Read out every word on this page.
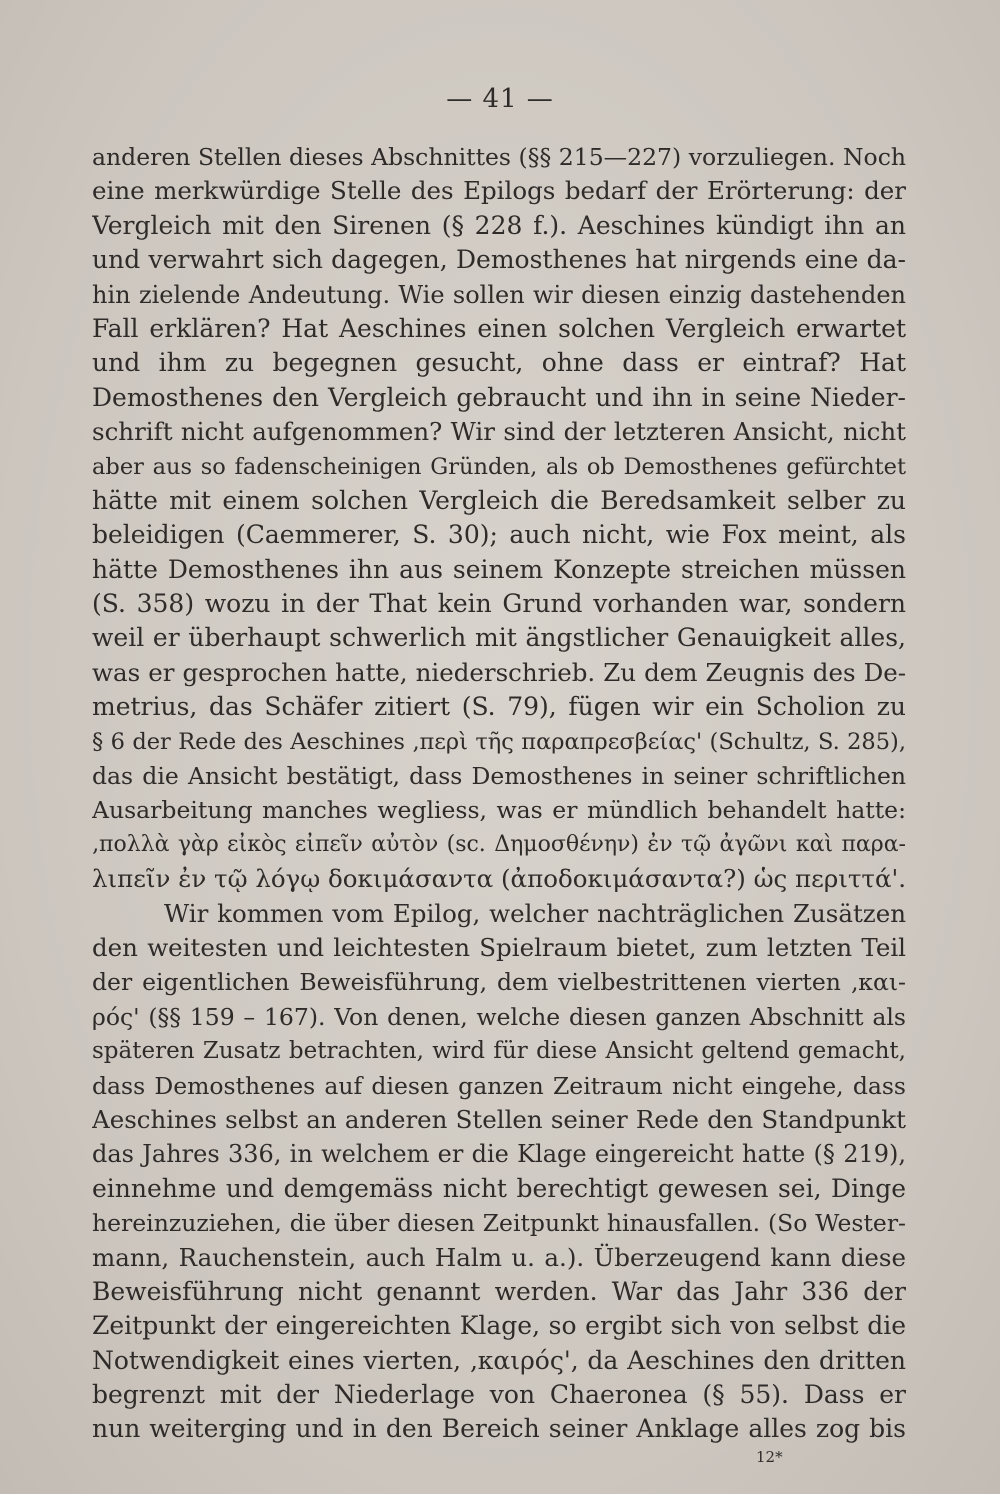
— 41 —
anderen Stellen dieses Abschnittes (§§ 215—227) vorzuliegen. Noch
eine merkwürdige Stelle des Epilogs bedarf der Erörterung: der
Vergleich mit den Sirenen (§ 228 f.). Aeschines kündigt ihn an
und verwahrt sich dagegen, Demosthenes hat nirgends eine da-
hin zielende Andeutung. Wie sollen wir diesen einzig dastehenden
Fall erklären? Hat Aeschines einen solchen Vergleich erwartet
und ihm zu begegnen gesucht, ohne dass er eintraf? Hat
Demosthenes den Vergleich gebraucht und ihn in seine Nieder-
schrift nicht aufgenommen? Wir sind der letzteren Ansicht, nicht
aber aus so fadenscheinigen Gründen, als ob Demosthenes gefürchtet
hätte mit einem solchen Vergleich die Beredsamkeit selber zu
beleidigen (Caemmerer, S. 30); auch nicht, wie Fox meint, als
hätte Demosthenes ihn aus seinem Konzepte streichen müssen
(S. 358) wozu in der That kein Grund vorhanden war, sondern
weil er überhaupt schwerlich mit ängstlicher Genauigkeit alles,
was er gesprochen hatte, niederschrieb. Zu dem Zeugnis des De-
metrius, das Schäfer zitiert (S. 79), fügen wir ein Scholion zu
§ 6 der Rede des Aeschines ‚περὶ τῆς παραπρεσβείας' (Schultz, S. 285),
das die Ansicht bestätigt, dass Demosthenes in seiner schriftlichen
Ausarbeitung manches wegliess, was er mündlich behandelt hatte:
‚πολλὰ γὰρ εἰκὸς εἰπεῖν αὐτὸν (sc. Δημοσθένην) ἐν τῷ ἀγῶνι καὶ παρα-
λιπεῖν ἐν τῷ λόγῳ δοκιμάσαντα (ἀποδοκιμάσαντα?) ὡς περιττά'.
Wir kommen vom Epilog, welcher nachträglichen Zusätzen
den weitesten und leichtesten Spielraum bietet, zum letzten Teil
der eigentlichen Beweisführung, dem vielbestrittenen vierten ‚και-
ρός' (§§ 159 – 167). Von denen, welche diesen ganzen Abschnitt als
späteren Zusatz betrachten, wird für diese Ansicht geltend gemacht,
dass Demosthenes auf diesen ganzen Zeitraum nicht eingehe, dass
Aeschines selbst an anderen Stellen seiner Rede den Standpunkt
das Jahres 336, in welchem er die Klage eingereicht hatte (§ 219),
einnehme und demgemäss nicht berechtigt gewesen sei, Dinge
hereinzuziehen, die über diesen Zeitpunkt hinausfallen. (So Wester-
mann, Rauchenstein, auch Halm u. a.). Überzeugend kann diese
Beweisführung nicht genannt werden. War das Jahr 336 der
Zeitpunkt der eingereichten Klage, so ergibt sich von selbst die
Notwendigkeit eines vierten, ‚καιρός', da Aeschines den dritten
begrenzt mit der Niederlage von Chaeronea (§ 55). Dass er
nun weiterging und in den Bereich seiner Anklage alles zog bis
12*
